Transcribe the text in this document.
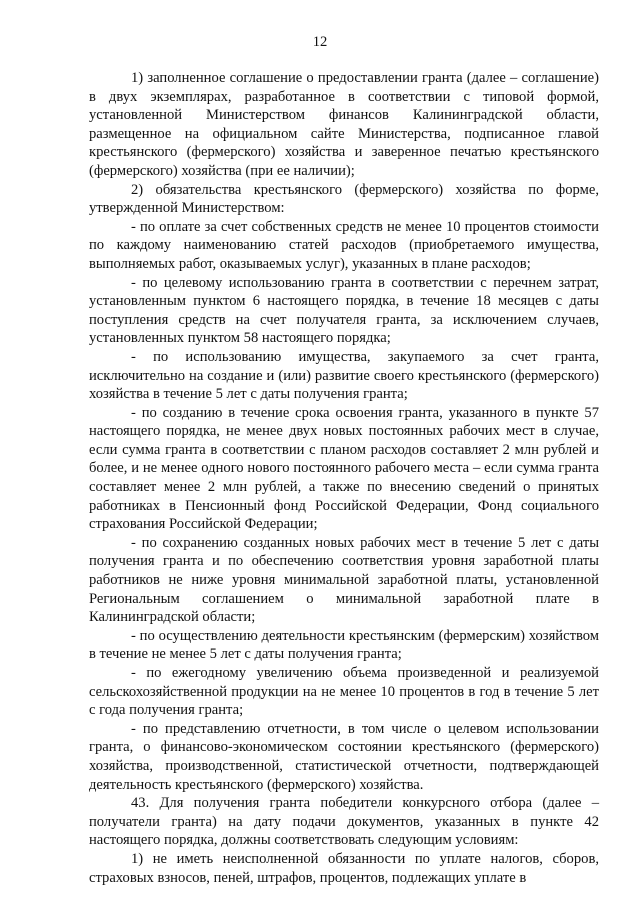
12

1) заполненное соглашение о предоставлении гранта (далее – соглашение) в двух экземплярах, разработанное в соответствии с типовой формой, установленной Министерством финансов Калининградской области, размещенное на официальном сайте Министерства, подписанное главой крестьянского (фермерского) хозяйства и заверенное печатью крестьянского (фермерского) хозяйства (при ее наличии);

2) обязательства крестьянского (фермерского) хозяйства по форме, утвержденной Министерством:

- по оплате за счет собственных средств не менее 10 процентов стоимости по каждому наименованию статей расходов (приобретаемого имущества, выполняемых работ, оказываемых услуг), указанных в плане расходов;

- по целевому использованию гранта в соответствии с перечнем затрат, установленным пунктом 6 настоящего порядка, в течение 18 месяцев с даты поступления средств на счет получателя гранта, за исключением случаев, установленных пунктом 58 настоящего порядка;

- по использованию имущества, закупаемого за счет гранта, исключительно на создание и (или) развитие своего крестьянского (фермерского) хозяйства в течение 5 лет с даты получения гранта;

- по созданию в течение срока освоения гранта, указанного в пункте 57 настоящего порядка, не менее двух новых постоянных рабочих мест в случае, если сумма гранта в соответствии с планом расходов составляет 2 млн рублей и более, и не менее одного нового постоянного рабочего места – если сумма гранта составляет менее 2 млн рублей, а также по внесению сведений о принятых работниках в Пенсионный фонд Российской Федерации, Фонд социального страхования Российской Федерации;

- по сохранению созданных новых рабочих мест в течение 5 лет с даты получения гранта и по обеспечению соответствия уровня заработной платы работников не ниже уровня минимальной заработной платы, установленной Региональным соглашением о минимальной заработной плате в Калининградской области;

- по осуществлению деятельности крестьянским (фермерским) хозяйством в течение не менее 5 лет с даты получения гранта;

- по ежегодному увеличению объема произведенной и реализуемой сельскохозяйственной продукции на не менее 10 процентов в год в течение 5 лет с года получения гранта;

- по представлению отчетности, в том числе о целевом использовании гранта, о финансово-экономическом состоянии крестьянского (фермерского) хозяйства, производственной, статистической отчетности, подтверждающей деятельность крестьянского (фермерского) хозяйства.

43. Для получения гранта победители конкурсного отбора (далее – получатели гранта) на дату подачи документов, указанных в пункте 42 настоящего порядка, должны соответствовать следующим условиям:

1) не иметь неисполненной обязанности по уплате налогов, сборов, страховых взносов, пеней, штрафов, процентов, подлежащих уплате в
